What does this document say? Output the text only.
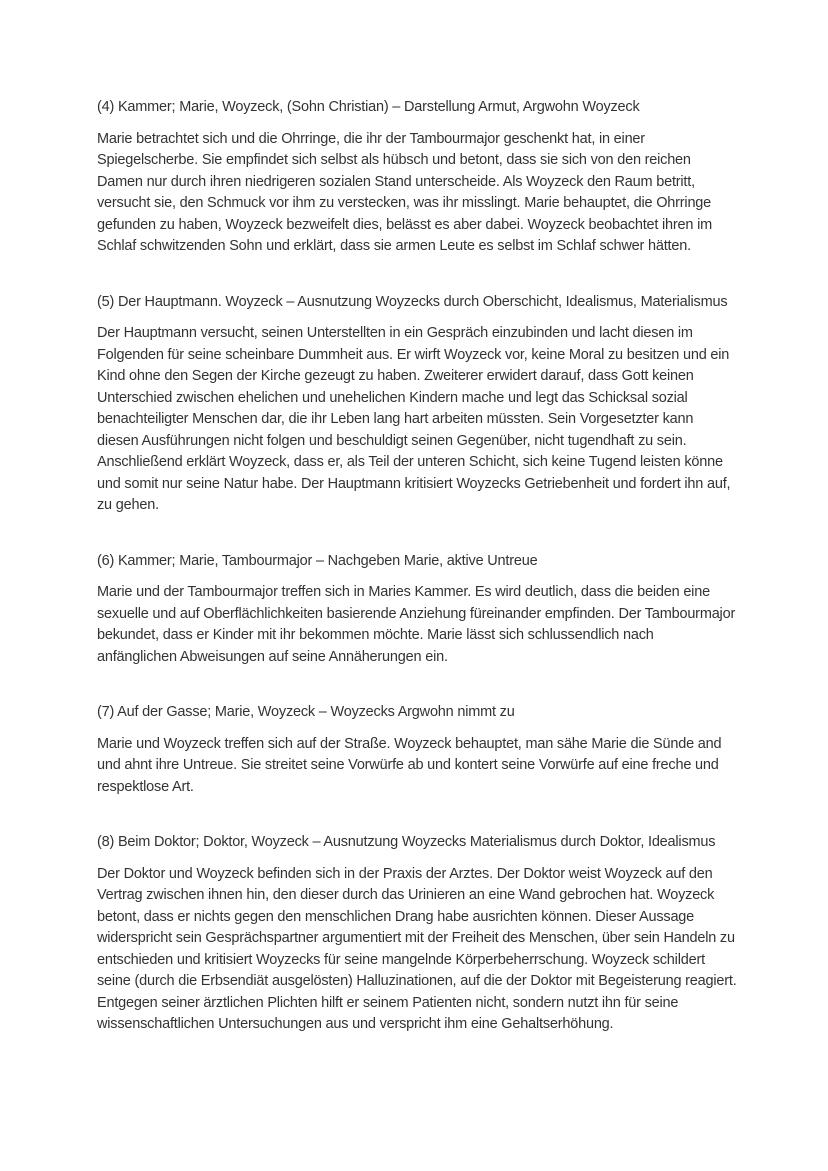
(4) Kammer; Marie, Woyzeck, (Sohn Christian) – Darstellung Armut, Argwohn Woyzeck
Marie betrachtet sich und die Ohrringe, die ihr der Tambourmajor geschenkt hat, in einer Spiegelscherbe. Sie empfindet sich selbst als hübsch und betont, dass sie sich von den reichen Damen nur durch ihren niedrigeren sozialen Stand unterscheide. Als Woyzeck den Raum betritt, versucht sie, den Schmuck vor ihm zu verstecken, was ihr misslingt. Marie behauptet, die Ohrringe gefunden zu haben, Woyzeck bezweifelt dies, belässt es aber dabei. Woyzeck beobachtet ihren im Schlaf schwitzenden Sohn und erklärt, dass sie armen Leute es selbst im Schlaf schwer hätten.
(5) Der Hauptmann. Woyzeck – Ausnutzung Woyzecks durch Oberschicht, Idealismus, Materialismus
Der Hauptmann versucht, seinen Unterstellten in ein Gespräch einzubinden und lacht diesen im Folgenden für seine scheinbare Dummheit aus. Er wirft Woyzeck vor, keine Moral zu besitzen und ein Kind ohne den Segen der Kirche gezeugt zu haben. Zweiterer erwidert darauf, dass Gott keinen Unterschied zwischen ehelichen und unehelichen Kindern mache und legt das Schicksal sozial benachteiligter Menschen dar, die ihr Leben lang hart arbeiten müssten. Sein Vorgesetzter kann diesen Ausführungen nicht folgen und beschuldigt seinen Gegenüber, nicht tugendhaft zu sein. Anschließend erklärt Woyzeck, dass er, als Teil der unteren Schicht, sich keine Tugend leisten könne und somit nur seine Natur habe. Der Hauptmann kritisiert Woyzecks Getriebenheit und fordert ihn auf, zu gehen.
(6) Kammer; Marie, Tambourmajor – Nachgeben Marie, aktive Untreue
Marie und der Tambourmajor treffen sich in Maries Kammer. Es wird deutlich, dass die beiden eine sexuelle und auf Oberflächlichkeiten basierende Anziehung füreinander empfinden. Der Tambourmajor bekundet, dass er Kinder mit ihr bekommen möchte. Marie lässt sich schlussendlich nach anfänglichen Abweisungen auf seine Annäherungen ein.
(7) Auf der Gasse; Marie, Woyzeck – Woyzecks Argwohn nimmt zu
Marie und Woyzeck treffen sich auf der Straße. Woyzeck behauptet, man sähe Marie die Sünde and und ahnt ihre Untreue. Sie streitet seine Vorwürfe ab und kontert seine Vorwürfe auf eine freche und respektlose Art.
(8) Beim Doktor; Doktor, Woyzeck – Ausnutzung Woyzecks Materialismus durch Doktor, Idealismus
Der Doktor und Woyzeck befinden sich in der Praxis der Arztes. Der Doktor weist Woyzeck auf den Vertrag zwischen ihnen hin, den dieser durch das Urinieren an eine Wand gebrochen hat. Woyzeck betont, dass er nichts gegen den menschlichen Drang habe ausrichten können. Dieser Aussage widerspricht sein Gesprächspartner argumentiert mit der Freiheit des Menschen, über sein Handeln zu entschieden und kritisiert Woyzecks für seine mangelnde Körperbeherrschung. Woyzeck schildert seine (durch die Erbsendiät ausgelösten) Halluzinationen, auf die der Doktor mit Begeisterung reagiert. Entgegen seiner ärztlichen Plichten hilft er seinem Patienten nicht, sondern nutzt ihn für seine wissenschaftlichen Untersuchungen aus und verspricht ihm eine Gehaltserhöhung.
